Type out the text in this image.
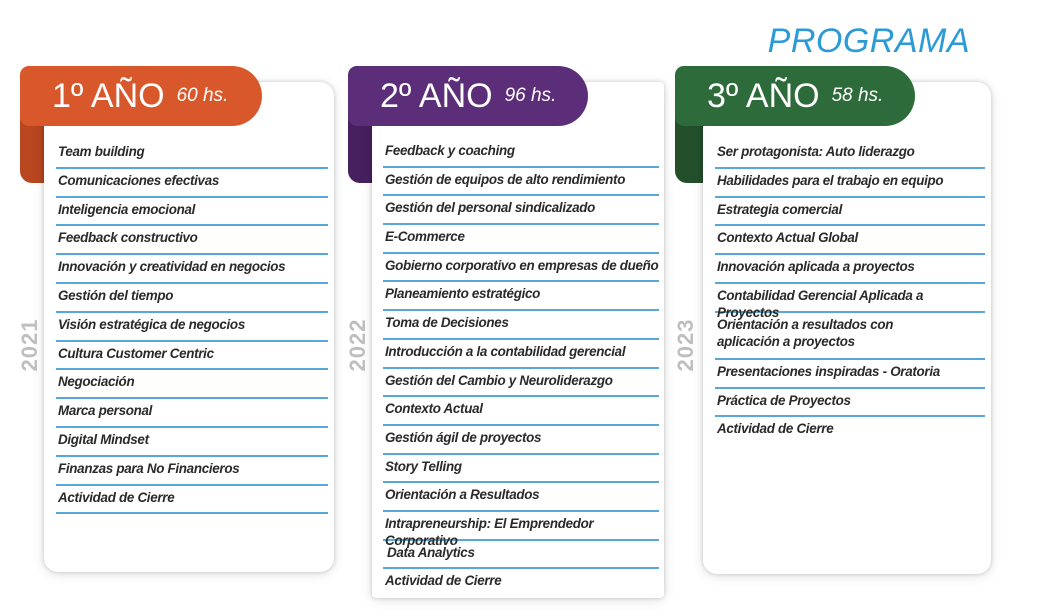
PROGRAMA
1º AÑO 60 hs.
2021
Team building
Comunicaciones efectivas
Inteligencia emocional
Feedback constructivo
Innovación y creatividad en negocios
Gestión del tiempo
Visión estratégica de negocios
Cultura Customer Centric
Negociación
Marca personal
Digital Mindset
Finanzas para No Financieros
Actividad de Cierre
2º AÑO 96 hs.
2022
Feedback y coaching
Gestión de equipos de alto rendimiento
Gestión del personal sindicalizado
E-Commerce
Gobierno corporativo en empresas de dueño
Planeamiento estratégico
Toma de Decisiones
Introducción a la contabilidad gerencial
Gestión del Cambio y Neuroliderazgo
Contexto Actual
Gestión ágil de proyectos
Story Telling
Orientación a Resultados
Intrapreneurship: El Emprendedor Corporativo
Data Analytics
Actividad de Cierre
3º AÑO 58 hs.
2023
Ser protagonista: Auto liderazgo
Habilidades para el trabajo en equipo
Estrategia comercial
Contexto Actual Global
Innovación aplicada a proyectos
Contabilidad Gerencial Aplicada a Proyectos
Orientación a resultados con aplicación a proyectos
Presentaciones inspiradas - Oratoria
Práctica de Proyectos
Actividad de Cierre
